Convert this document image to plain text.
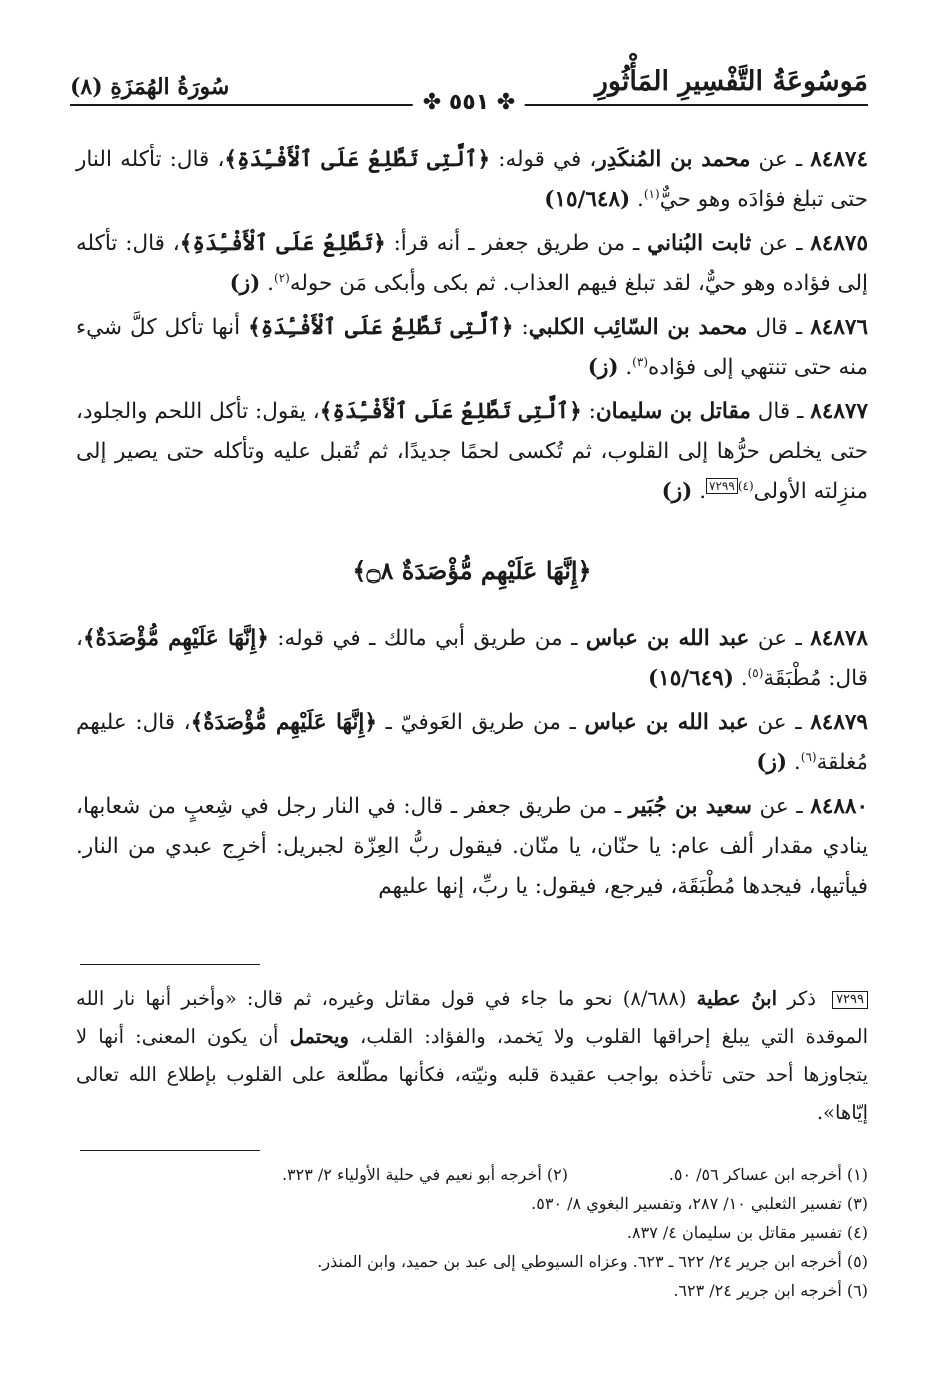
مَوسُوعَةُ التَّفْسِيرِ المَأْثُورِ
سُورَةُ الهُمَزَةِ (٨)
✤ ٥٥١ ✤

٨٤٨٧٤ ـ عن محمد بن المُنكَدِر، في قوله: ﴿ٱلَّتِى تَطَّلِعُ عَلَى ٱلْأَفْـِٔدَةِ﴾، قال: تأكله النار حتى تبلغ فؤادَه وهو حيٌّ$^{(١)}$. (١٥/٦٤٨)

٨٤٨٧٥ ـ عن ثابت البُناني ـ من طريق جعفر ـ أنه قرأ: ﴿تَطَّلِعُ عَلَى ٱلْأَفْـِٔدَةِ﴾، قال: تأكله إلى فؤاده وهو حيٌّ، لقد تبلغ فيهم العذاب. ثم بكى وأبكى مَن حوله$^{(٢)}$. (ز)

٨٤٨٧٦ ـ قال محمد بن السّائِب الكلبي: ﴿ٱلَّتِى تَطَّلِعُ عَلَى ٱلْأَفْـِٔدَةِ﴾ أنها تأكل كلَّ شيء منه حتى تنتهي إلى فؤاده$^{(٣)}$. (ز)

٨٤٨٧٧ ـ قال مقاتل بن سليمان: ﴿ٱلَّتِى تَطَّلِعُ عَلَى ٱلْأَفْـِٔدَةِ﴾، يقول: تأكل اللحم والجلود، حتى يخلص حرُّها إلى القلوب، ثم تُكسى لحمًا جديدًا، ثم تُقبل عليه وتأكله حتى يصير إلى منزِلته الأولى$^{(٤)}$٧٢٩٩. (ز)

﴿إِنَّهَا عَلَيْهِم مُّؤْصَدَةٌ ۝٨﴾

٨٤٨٧٨ ـ عن عبد الله بن عباس ـ من طريق أبي مالك ـ في قوله: ﴿إِنَّهَا عَلَيْهِم مُّؤْصَدَةٌ﴾، قال: مُطْبَقَة$^{(٥)}$. (١٥/٦٤٩)

٨٤٨٧٩ ـ عن عبد الله بن عباس ـ من طريق العَوفيّ ـ ﴿إِنَّهَا عَلَيْهِم مُّؤْصَدَةٌ﴾، قال: عليهم مُغلقة$^{(٦)}$. (ز)

٨٤٨٨٠ ـ عن سعيد بن جُبَير ـ من طريق جعفر ـ قال: في النار رجل في شِعبٍ من شعابها، ينادي مقدار ألف عام: يا حنّان، يا منّان. فيقول ربُّ العِزّة لجبريل: أخرِج عبدي من النار. فيأتيها، فيجدها مُطْبَقَة، فيرجع، فيقول: يا ربِّ، إنها عليهم

٧٢٩٩ ذكر ابنُ عطية (٨/٦٨٨) نحو ما جاء في قول مقاتل وغيره، ثم قال: «وأخبر أنها نار الله الموقدة التي يبلغ إحراقها القلوب ولا يَخمد، والفؤاد: القلب، ويحتمل أن يكون المعنى: أنها لا يتجاوزها أحد حتى تأخذه بواجب عقيدة قلبه ونيّته، فكأنها مطّلعة على القلوب بإطلاع الله تعالى إيّاها».
(١) أخرجه ابن عساكر ٥٦/ ٥٠.
(٢) أخرجه أبو نعيم في حلية الأولياء ٢/ ٣٢٣.
(٣) تفسير الثعلبي ١٠/ ٢٨٧، وتفسير البغوي ٨/ ٥٣٠.
(٤) تفسير مقاتل بن سليمان ٤/ ٨٣٧.
(٥) أخرجه ابن جرير ٢٤/ ٦٢٢ ـ ٦٢٣. وعزاه السيوطي إلى عبد بن حميد، وابن المنذر.
(٦) أخرجه ابن جرير ٢٤/ ٦٢٣.
